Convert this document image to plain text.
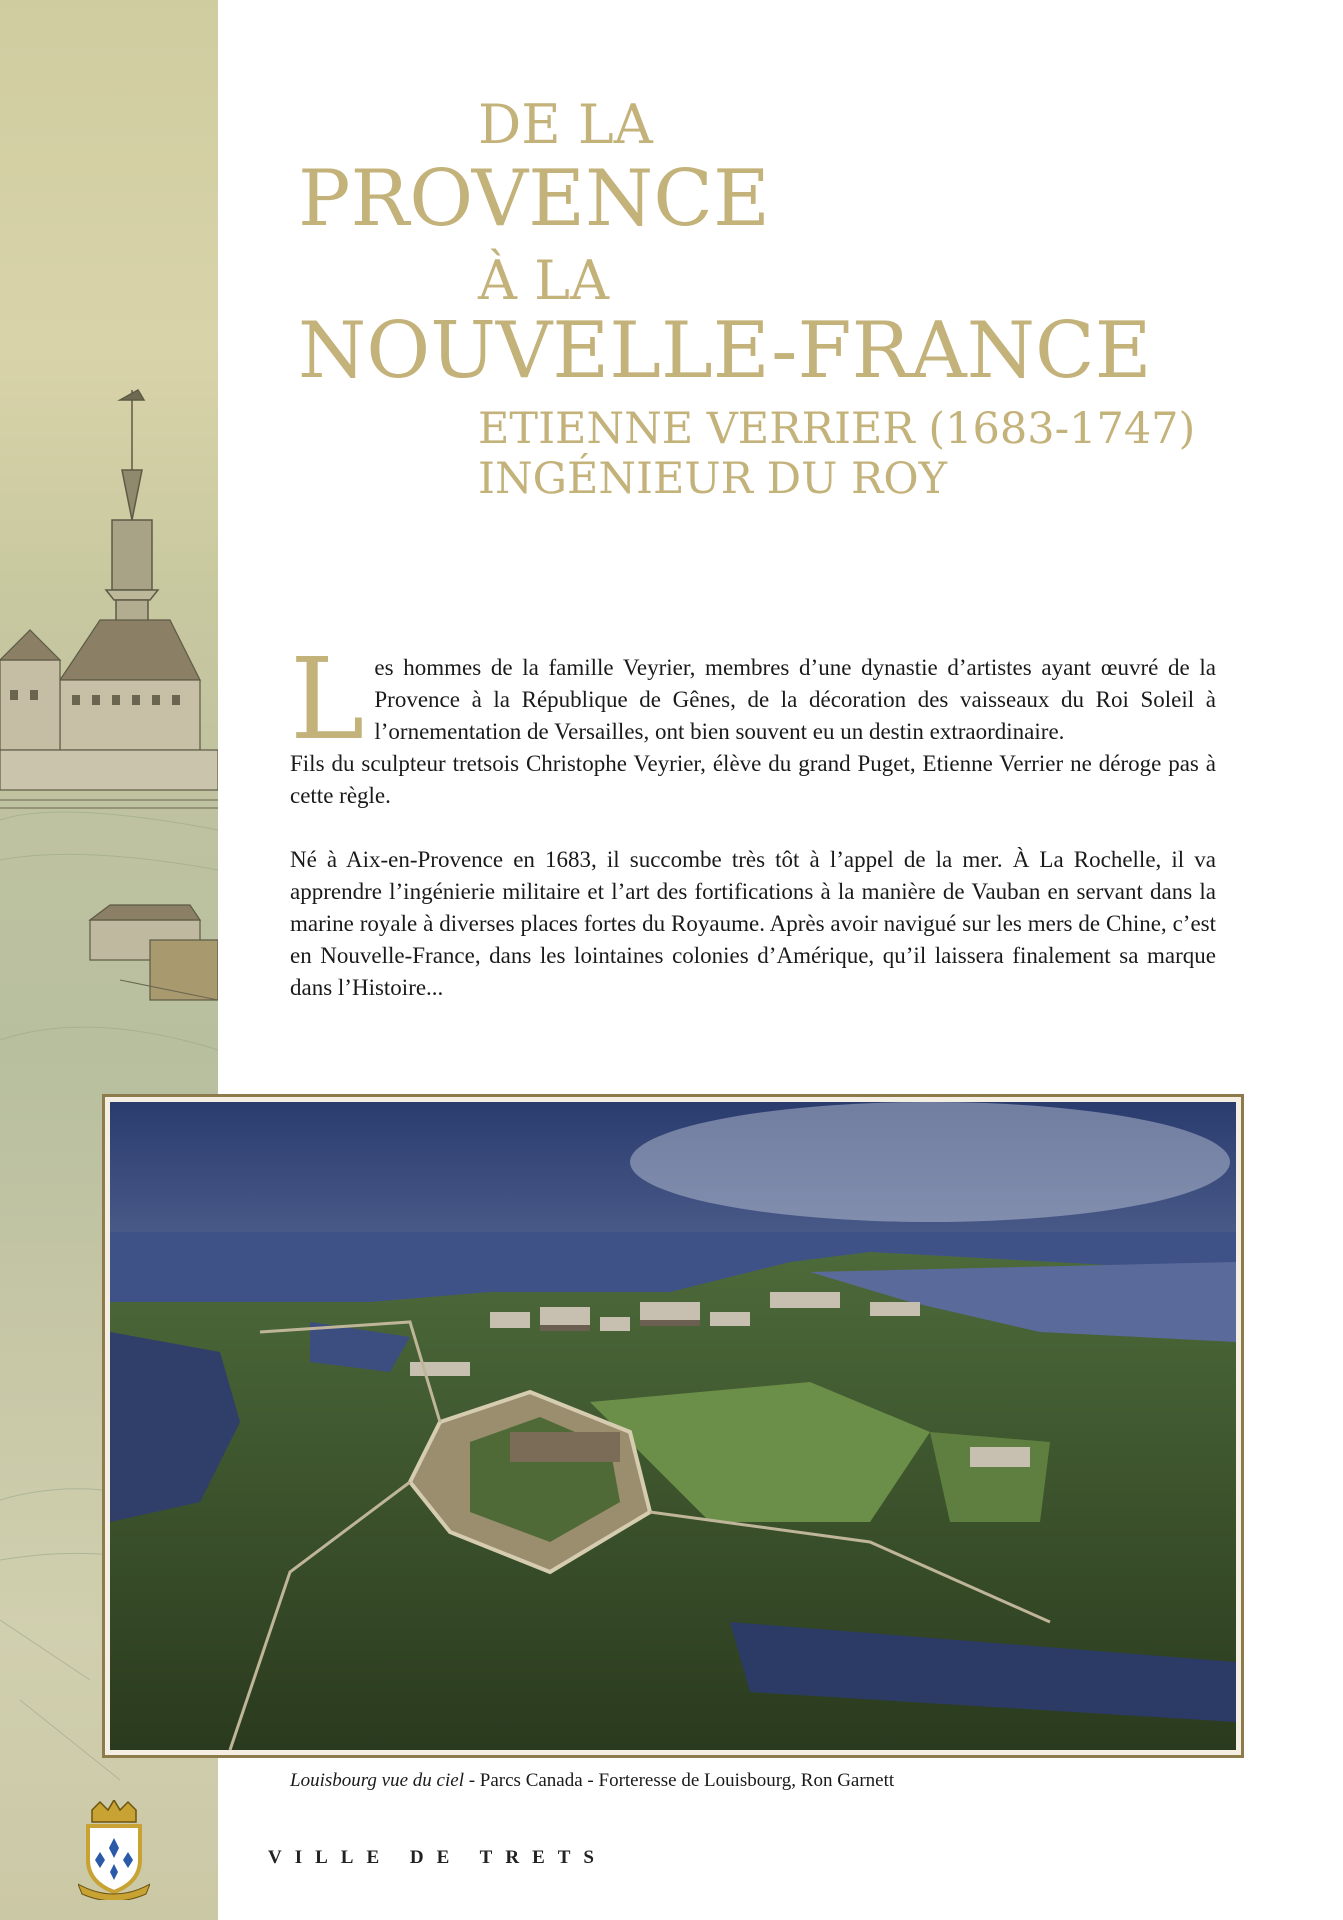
DE LA
PROVENCE
À LA
NOUVELLE-FRANCE
ETIENNE VERRIER (1683-1747)
INGÉNIEUR DU ROY

Les hommes de la famille Veyrier, membres d’une dynastie d’artistes ayant œuvré de la Provence à la République de Gênes, de la décoration des vaisseaux du Roi Soleil à l’ornementation de Versailles, ont bien souvent eu un destin extraordinaire.

Fils du sculpteur tretsois Christophe Veyrier, élève du grand Puget, Etienne Verrier ne déroge pas à cette règle.

Né à Aix-en-Provence en 1683, il succombe très tôt à l’appel de la mer. À La Rochelle, il va apprendre l’ingénierie militaire et l’art des fortifications à la manière de Vauban en servant dans la marine royale à diverses places fortes du Royaume. Après avoir navigué sur les mers de Chine, c’est en Nouvelle-France, dans les lointaines colonies d’Amérique, qu’il laissera finalement sa marque dans l’Histoire...

Louisbourg vue du ciel - Parcs Canada - Forteresse de Louisbourg, Ron Garnett
VILLE DE TRETS
